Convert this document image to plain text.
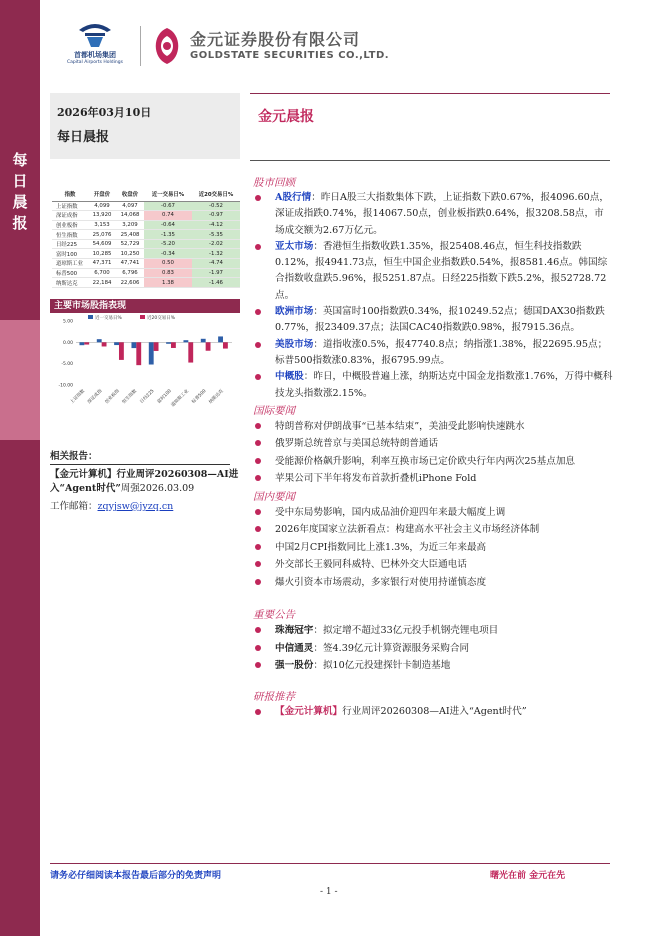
每
日
晨
报
首都机场集团
Capital Airports Holdings
金元证券股份有限公司
GOLDSTATE SECURITIES CO.,LTD.
2026年03月10日
每日晨报
金元晨报
指数	开盘价	收盘价	近一交易日%	近20交易日%
上证指数	4,099	4,097	-0.67	-0.52
深证成指	13,920	14,068	0.74	-0.97
创业板指	3,153	3,209	-0.64	-4.12
恒生指数	25,076	25,408	-1.35	-5.35
日经225	54,609	52,729	-5.20	-2.02
富时100	10,285	10,250	-0.34	-1.32
道琼斯工业	47,371	47,741	0.50	-4.74
标普500	6,700	6,796	0.83	-1.97
纳斯达克	22,184	22,606	1.38	-1.46
主要市场股指表现
近一交易日%	近20交易日%
5.00
0.00
-5.00
-10.00
上证指数 深证成指 创业板指 恒生指数 日经225 富时100
道琼斯工业 标普500 纳斯达克
相关报告：
【金元计算机】行业周评20260308—AI进入“Agent时代”周强2026.03.09
工作邮箱：zqyjsw@jyzq.cn
股市回顾
A股行情：昨日A股三大指数集体下跌，上证指数下跌0.67%，报4096.60点，深证成指跌0.74%，报14067.50点，创业板指跌0.64%，报3208.58点，市场成交额为2.67万亿元。
亚太市场：香港恒生指数收跌1.35%，报25408.46点，恒生科技指数跌0.12%，报4941.73点，恒生中国企业指数跌0.54%，报8581.46点。韩国综合指数收盘跌5.96%，报5251.87点。日经225指数下跌5.2%，报52728.72点。
欧洲市场：英国富时100指数跌0.34%，报10249.52点；德国DAX30指数跌0.77%，报23409.37点；法国CAC40指数跌0.98%，报7915.36点。
美股市场：道指收涨0.5%，报47740.8点；纳指涨1.38%，报22695.95点；标普500指数涨0.83%，报6795.99点。
中概股：昨日，中概股普遍上涨，纳斯达克中国金龙指数涨1.76%，万得中概科技龙头指数涨2.15%。
国际要闻
特朗普称对伊朗战事“已基本结束”，美油受此影响快速跳水
俄罗斯总统普京与美国总统特朗普通话
受能源价格飙升影响，利率互换市场已定价欧央行年内两次25基点加息
苹果公司下半年将发布首款折叠机iPhone Fold
国内要闻
受中东局势影响，国内成品油价迎四年来最大幅度上调
2026年度国家立法新看点：构建高水平社会主义市场经济体制
中国2月CPI指数同比上涨1.3%，为近三年来最高
外交部长王毅同科威特、巴林外交大臣通电话
爆火引资本市场震动，多家银行对使用持谨慎态度
重要公告
珠海冠宇：拟定增不超过33亿元投手机钢壳锂电项目
中信通灵：签4.39亿元计算资源服务采购合同
强一股份：拟10亿元投建探针卡制造基地
研报推荐
【金元计算机】行业周评20260308—AI进入“Agent时代”
请务必仔细阅读本报告最后部分的免责声明	曙光在前 金元在先
- 1 -
